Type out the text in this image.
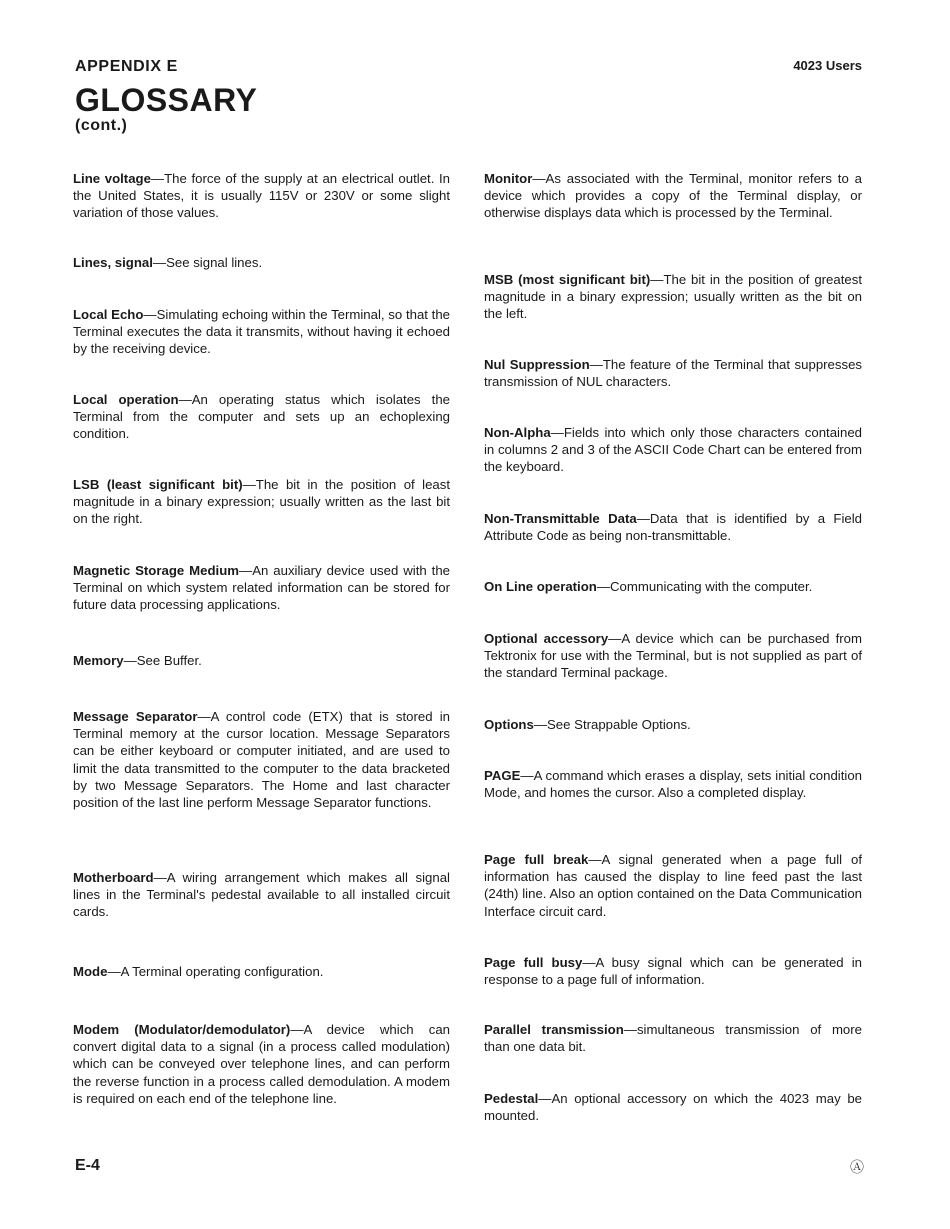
APPENDIX E	4023 Users
GLOSSARY
(cont.)
Line voltage—The force of the supply at an electrical outlet. In the United States, it is usually 115V or 230V or some slight variation of those values.
Lines, signal—See signal lines.
Local Echo—Simulating echoing within the Terminal, so that the Terminal executes the data it transmits, without having it echoed by the receiving device.
Local operation—An operating status which isolates the Terminal from the computer and sets up an echoplexing condition.
LSB (least significant bit)—The bit in the position of least magnitude in a binary expression; usually written as the last bit on the right.
Magnetic Storage Medium—An auxiliary device used with the Terminal on which system related information can be stored for future data processing applications.
Memory—See Buffer.
Message Separator—A control code (ETX) that is stored in Terminal memory at the cursor location. Message Separators can be either keyboard or computer initiated, and are used to limit the data transmitted to the computer to the data bracketed by two Message Separators. The Home and last character position of the last line perform Message Separator functions.
Motherboard—A wiring arrangement which makes all signal lines in the Terminal's pedestal available to all installed circuit cards.
Mode—A Terminal operating configuration.
Modem (Modulator/demodulator)—A device which can convert digital data to a signal (in a process called modulation) which can be conveyed over telephone lines, and can perform the reverse function in a process called demodulation. A modem is required on each end of the telephone line.
Monitor—As associated with the Terminal, monitor refers to a device which provides a copy of the Terminal display, or otherwise displays data which is processed by the Terminal.
MSB (most significant bit)—The bit in the position of greatest magnitude in a binary expression; usually written as the bit on the left.
Nul Suppression—The feature of the Terminal that suppresses transmission of NUL characters.
Non-Alpha—Fields into which only those characters contained in columns 2 and 3 of the ASCII Code Chart can be entered from the keyboard.
Non-Transmittable Data—Data that is identified by a Field Attribute Code as being non-transmittable.
On Line operation—Communicating with the computer.
Optional accessory—A device which can be purchased from Tektronix for use with the Terminal, but is not supplied as part of the standard Terminal package.
Options—See Strappable Options.
PAGE—A command which erases a display, sets initial condition Mode, and homes the cursor. Also a completed display.
Page full break—A signal generated when a page full of information has caused the display to line feed past the last (24th) line. Also an option contained on the Data Communication Interface circuit card.
Page full busy—A busy signal which can be generated in response to a page full of information.
Parallel transmission—simultaneous transmission of more than one data bit.
Pedestal—An optional accessory on which the 4023 may be mounted.
E-4	Ⓐ
